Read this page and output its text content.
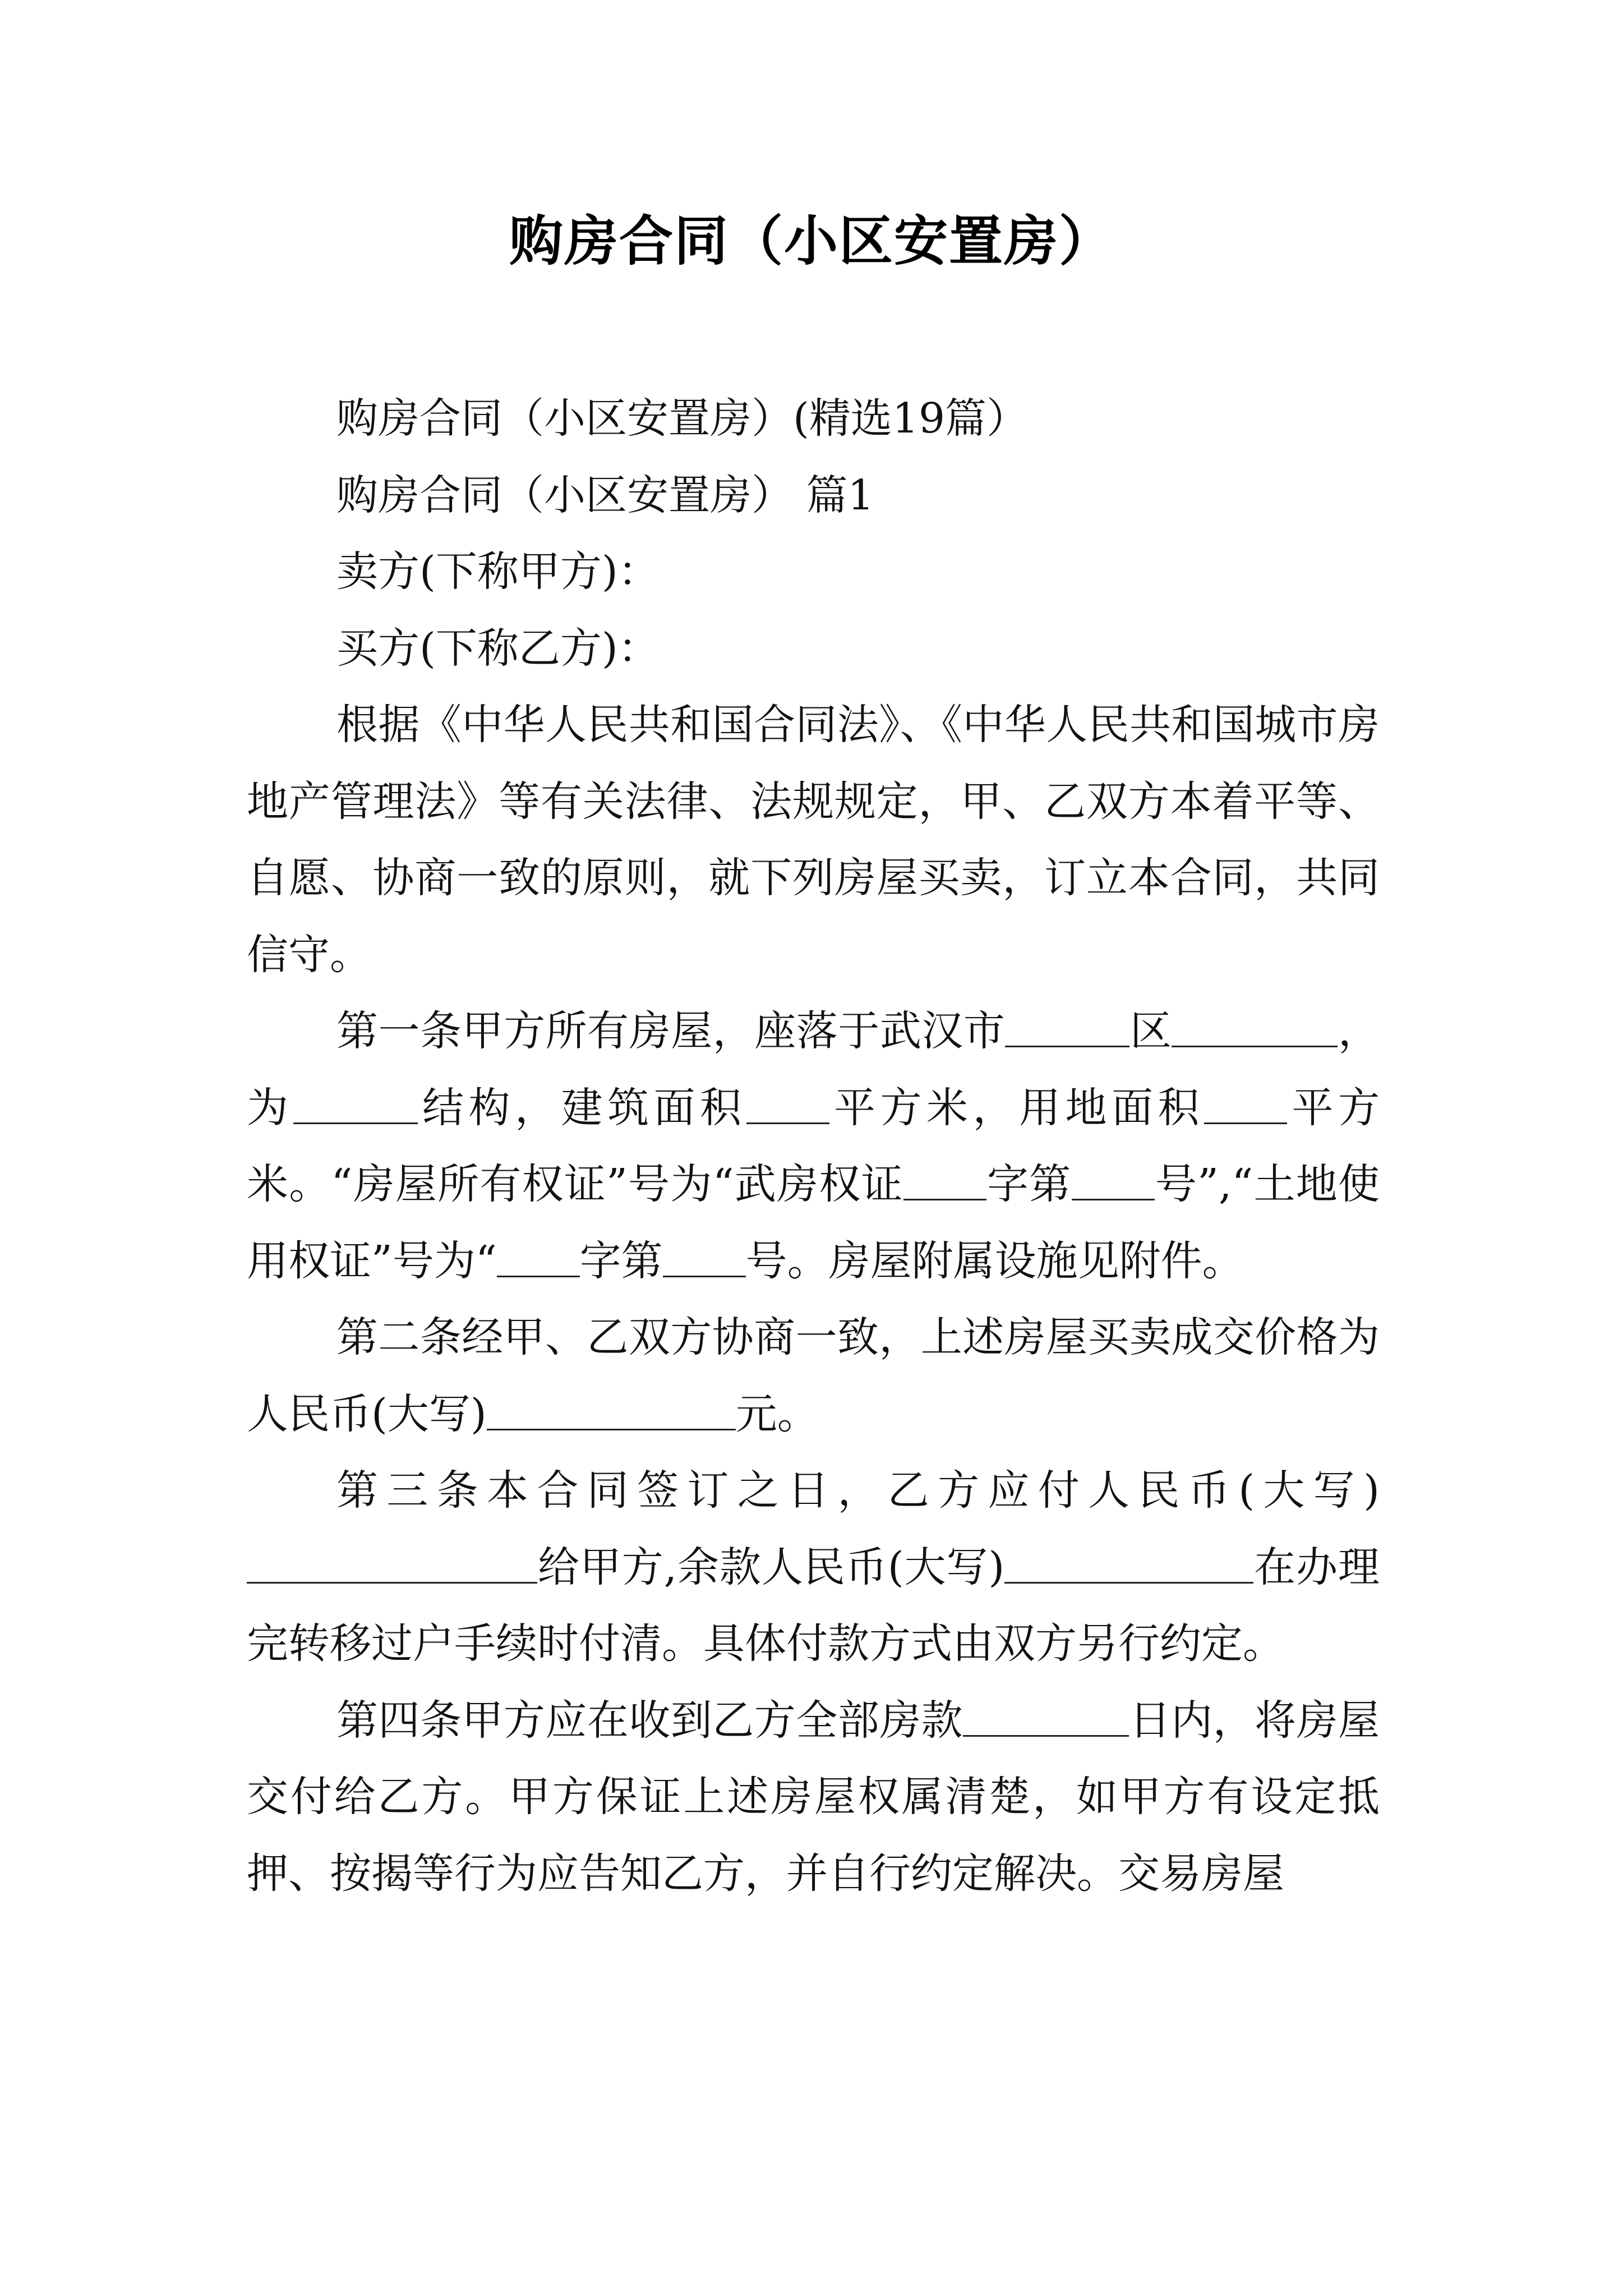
购房合同（小区安置房）

购房合同（小区安置房）(精选19篇）

购房合同（小区安置房） 篇1

卖方(下称甲方)：

买方(下称乙方)：

根据《中华人民共和国合同法》、《中华人民共和国城市房地产管理法》等有关法律、法规规定，甲、乙双方本着平等、自愿、协商一致的原则，就下列房屋买卖，订立本合同，共同信守。

第一条甲方所有房屋，座落于武汉市	区	，为	结构，建筑面积 平方米，用地面积 平方米。“房屋所有权证”号为“武房权证 字第 号”,“土地使用权证”号为“ 字第 号。房屋附属设施见附件。

第二条经甲、乙双方协商一致，上述房屋买卖成交价格为人民币(大写)	元。

第三条本合同签订之日，乙方应付人民币(大写)给甲方,余款人民币(大写)	在办理完转移过户手续时付清。具体付款方式由双方另行约定。

第四条甲方应在收到乙方全部房款	日内，将房屋交付给乙方。甲方保证上述房屋权属清楚，如甲方有设定抵押、按揭等行为应告知乙方，并自行约定解决。交易房屋
